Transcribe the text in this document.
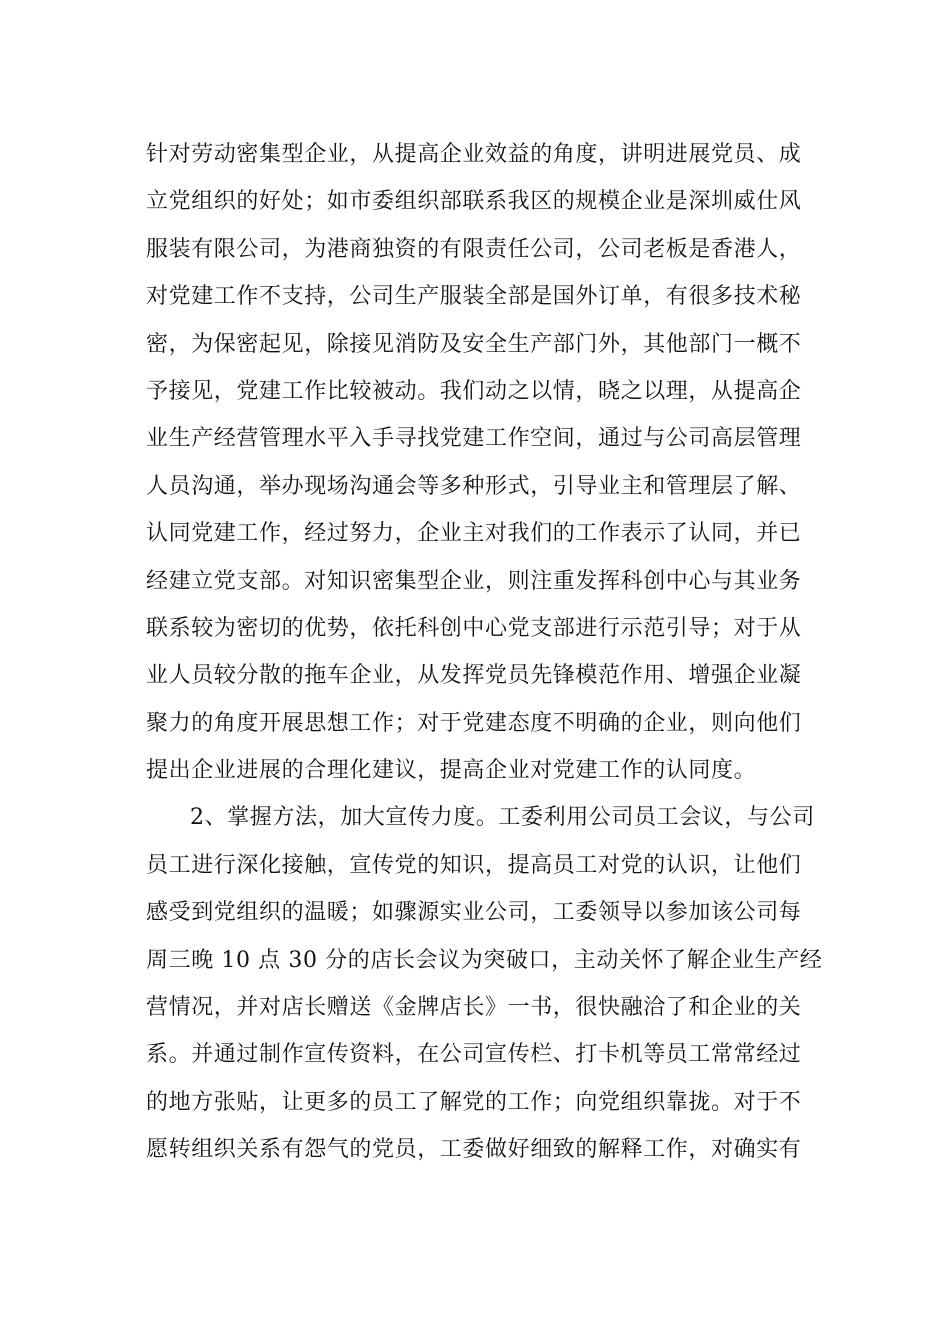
针对劳动密集型企业，从提高企业效益的角度，讲明进展党员、成
立党组织的好处；如市委组织部联系我区的规模企业是深圳威仕风
服装有限公司，为港商独资的有限责任公司，公司老板是香港人，
对党建工作不支持，公司生产服装全部是国外订单，有很多技术秘
密，为保密起见，除接见消防及安全生产部门外，其他部门一概不
予接见，党建工作比较被动。我们动之以情，晓之以理，从提高企
业生产经营管理水平入手寻找党建工作空间，通过与公司高层管理
人员沟通，举办现场沟通会等多种形式，引导业主和管理层了解、
认同党建工作，经过努力，企业主对我们的工作表示了认同，并已
经建立党支部。对知识密集型企业，则注重发挥科创中心与其业务
联系较为密切的优势，依托科创中心党支部进行示范引导；对于从
业人员较分散的拖车企业，从发挥党员先锋模范作用、增强企业凝
聚力的角度开展思想工作；对于党建态度不明确的企业，则向他们
提出企业进展的合理化建议，提高企业对党建工作的认同度。
2、掌握方法，加大宣传力度。工委利用公司员工会议，与公司
员工进行深化接触，宣传党的知识，提高员工对党的认识，让他们
感受到党组织的温暖；如骤源实业公司，工委领导以参加该公司每
周三晚 10 点 30 分的店长会议为突破口，主动关怀了解企业生产经
营情况，并对店长赠送《金牌店长》一书，很快融洽了和企业的关
系。并通过制作宣传资料，在公司宣传栏、打卡机等员工常常经过
的地方张贴，让更多的员工了解党的工作；向党组织靠拢。对于不
愿转组织关系有怨气的党员，工委做好细致的解释工作，对确实有
